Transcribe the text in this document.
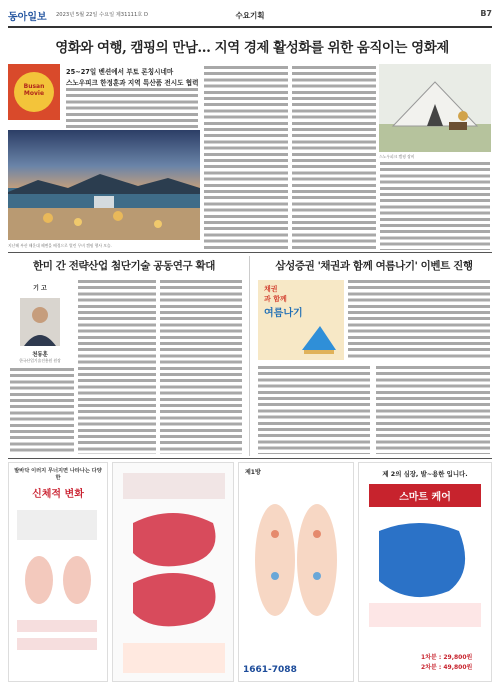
동아일보 2023년 5월 22일 수요일 제31111호 D	수요기획	B7
영화와 여행, 캠핑의 만남… 지역 경제 활성화를 위한 움직이는 영화제
Busan Movie
25~27일 벤션에서 부토 론칭시네마
스노우피크 한정훈과 지역 특산품 전시도 협력
지난해 부산 해운대 해변을 배경으로 열린 무비 캠핑 행사 모습.
스노우피크 캠핑 장비
한미 간 전략산업 첨단기술 공동연구 확대
기 고
천동훈
한국산업기술진흥원 원장
삼성증권 '채권과 함께 여름나기' 이벤트 진행
채권
과 함께
여름나기
발바닥 이러지 무너지면 나타나는 다양한
신체적 변화
제1방
1661-7088
제 2의 심장, 발~용한 입니다.
스마트 케어
1차분 : 29,800원
2차분 : 49,800원
